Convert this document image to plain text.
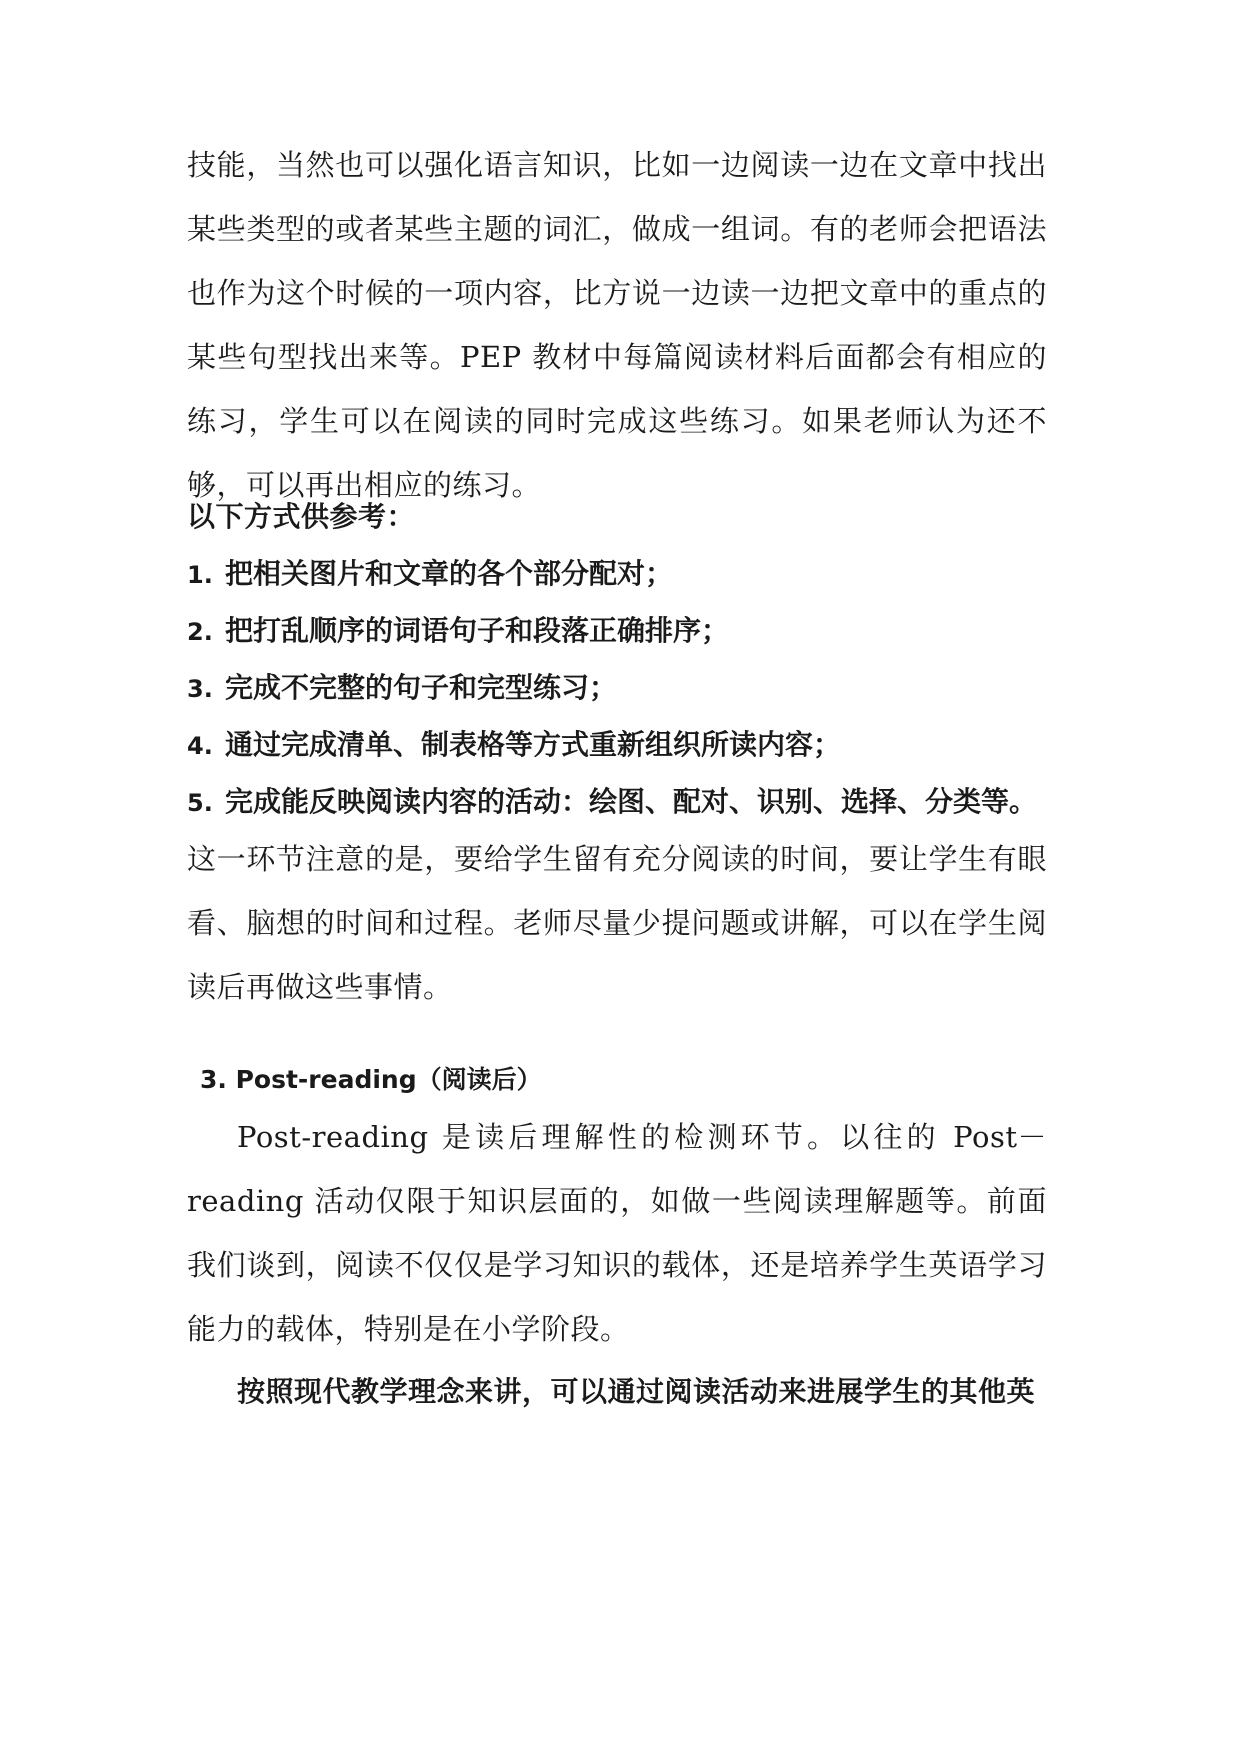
技能，当然也可以强化语言知识，比如一边阅读一边在文章中找出某些类型的或者某些主题的词汇，做成一组词。有的老师会把语法也作为这个时候的一项内容，比方说一边读一边把文章中的重点的某些句型找出来等。PEP 教材中每篇阅读材料后面都会有相应的练习，学生可以在阅读的同时完成这些练习。如果老师认为还不够，可以再出相应的练习。

以下方式供参考：
1. 把相关图片和文章的各个部分配对；
2. 把打乱顺序的词语句子和段落正确排序；
3. 完成不完整的句子和完型练习；
4. 通过完成清单、制表格等方式重新组织所读内容；
5. 完成能反映阅读内容的活动：绘图、配对、识别、选择、分类等。

这一环节注意的是，要给学生留有充分阅读的时间，要让学生有眼看、脑想的时间和过程。老师尽量少提问题或讲解，可以在学生阅读后再做这些事情。

3. Post-reading（阅读后）

Post-reading 是读后理解性的检测环节。以往的 Post－reading 活动仅限于知识层面的，如做一些阅读理解题等。前面我们谈到，阅读不仅仅是学习知识的载体，还是培养学生英语学习能力的载体，特别是在小学阶段。

按照现代教学理念来讲，可以通过阅读活动来进展学生的其他英
